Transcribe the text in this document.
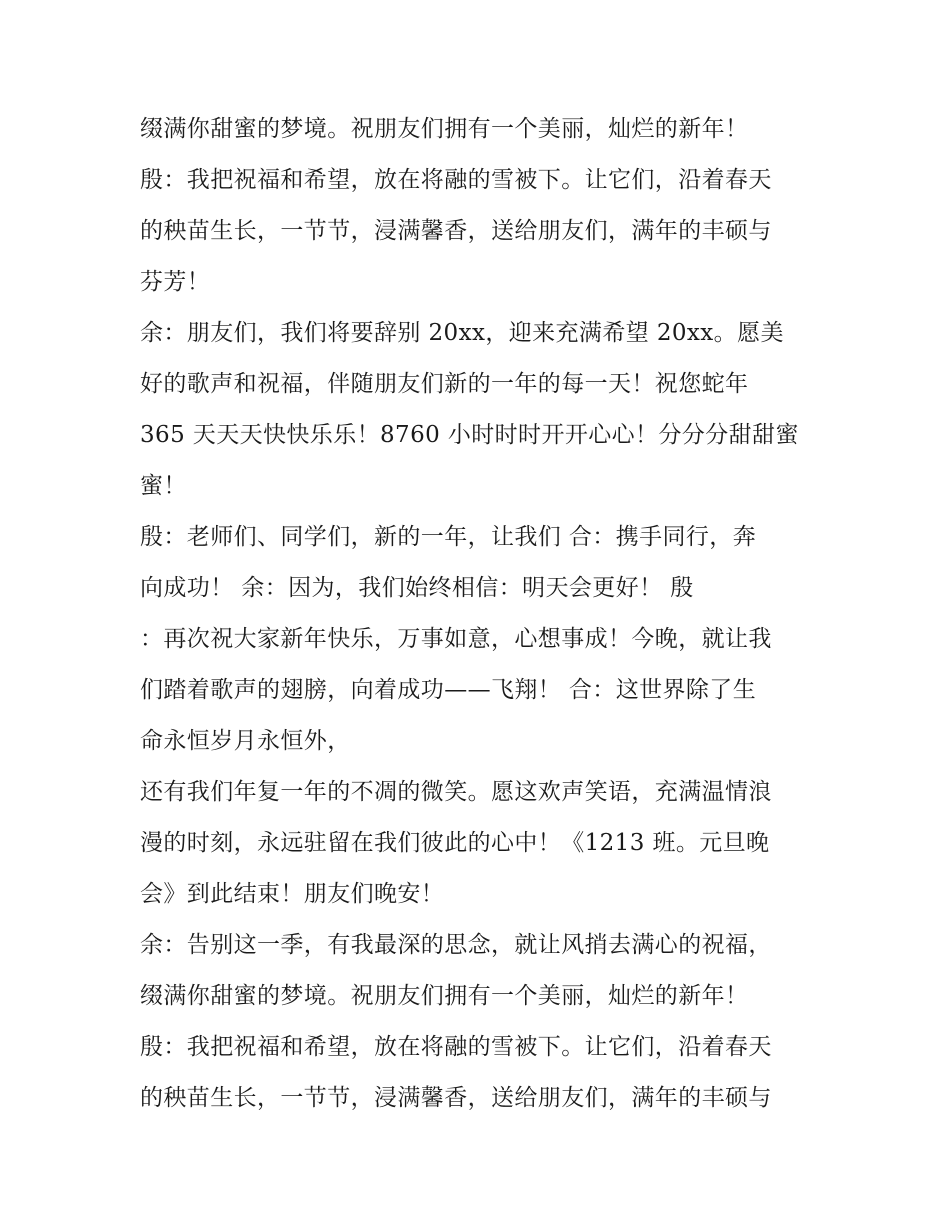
缀满你甜蜜的梦境。祝朋友们拥有一个美丽，灿烂的新年！
殷：我把祝福和希望，放在将融的雪被下。让它们，沿着春天
的秧苗生长，一节节，浸满馨香，送给朋友们，满年的丰硕与
芬芳！
余：朋友们，我们将要辞别 20xx，迎来充满希望 20xx。愿美
好的歌声和祝福，伴随朋友们新的一年的每一天！祝您蛇年
365 天天天快快乐乐！8760 小时时时开开心心！分分分甜甜蜜
蜜！
殷：老师们、同学们，新的一年，让我们 合：携手同行，奔
向成功！ 余：因为，我们始终相信：明天会更好！ 殷
：再次祝大家新年快乐，万事如意，心想事成！今晚，就让我
们踏着歌声的翅膀，向着成功——飞翔！ 合：这世界除了生
命永恒岁月永恒外，
还有我们年复一年的不凋的微笑。愿这欢声笑语，充满温情浪
漫的时刻，永远驻留在我们彼此的心中！《1213 班。元旦晚
会》到此结束！朋友们晚安！
余：告别这一季，有我最深的思念，就让风捎去满心的祝福，
缀满你甜蜜的梦境。祝朋友们拥有一个美丽，灿烂的新年！
殷：我把祝福和希望，放在将融的雪被下。让它们，沿着春天
的秧苗生长，一节节，浸满馨香，送给朋友们，满年的丰硕与
